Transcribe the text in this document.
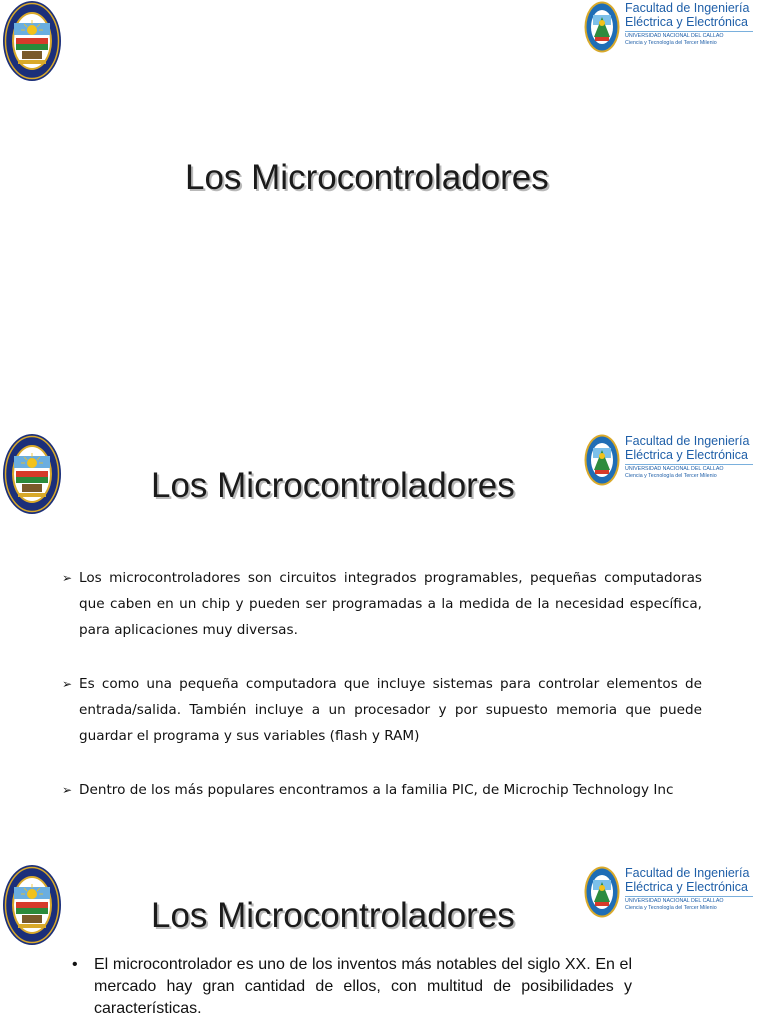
Facultad de Ingeniería
Eléctrica y Electrónica
UNIVERSIDAD NACIONAL DEL CALLAO
Ciencia y Tecnología del Tercer Milenio
Los Microcontroladores
Facultad de Ingeniería
Eléctrica y Electrónica
UNIVERSIDAD NACIONAL DEL CALLAO
Ciencia y Tecnología del Tercer Milenio
Los Microcontroladores
➢ Los microcontroladores son circuitos integrados programables, pequeñas computadoras que caben en un chip y pueden ser programadas a la medida de la necesidad específica, para aplicaciones muy diversas.
➢ Es como una pequeña computadora que incluye sistemas para controlar elementos de entrada/salida. También incluye a un procesador y por supuesto memoria que puede guardar el programa y sus variables (flash y RAM)
➢ Dentro de los más populares encontramos a la familia PIC, de Microchip Technology Inc
Facultad de Ingeniería
Eléctrica y Electrónica
UNIVERSIDAD NACIONAL DEL CALLAO
Ciencia y Tecnología del Tercer Milenio
Los Microcontroladores
• El microcontrolador es uno de los inventos más notables del siglo XX. En el mercado hay gran cantidad de ellos, con multitud de posibilidades y características.
